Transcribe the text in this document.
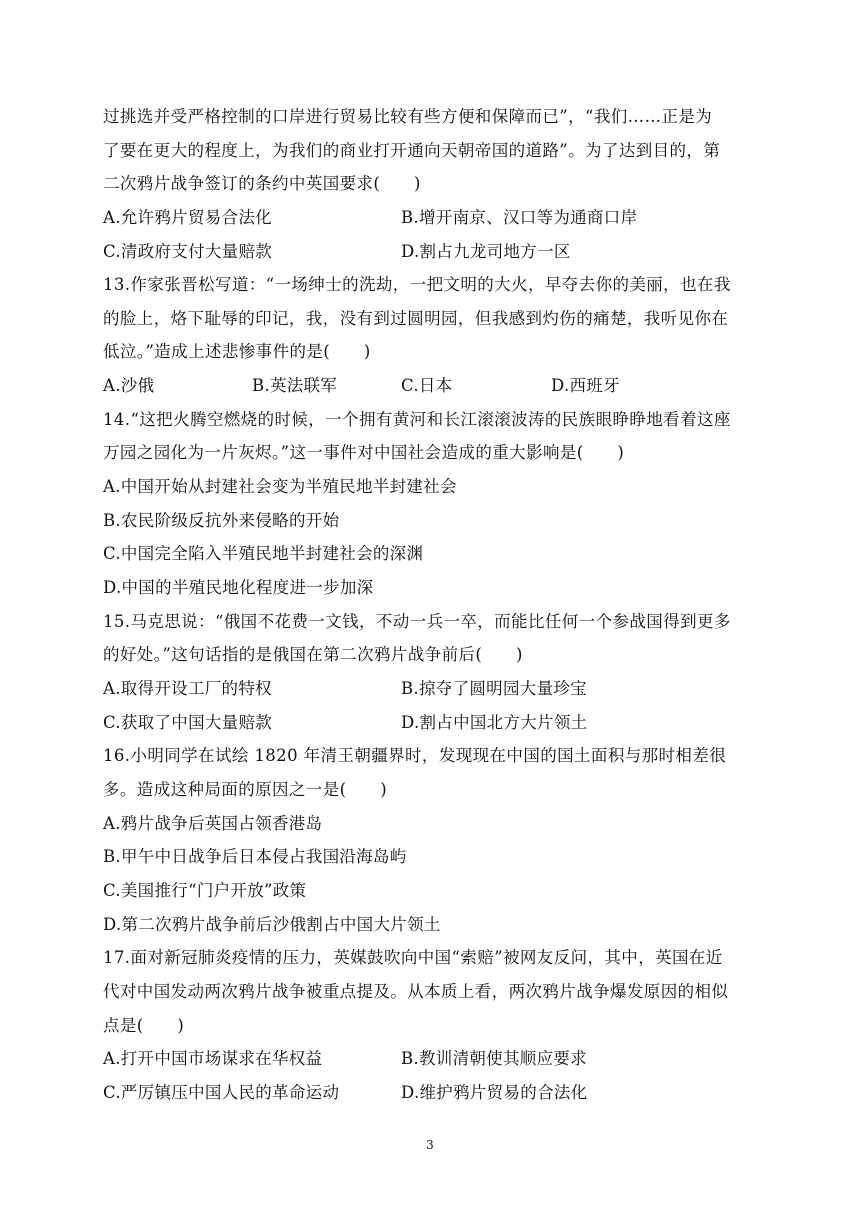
过挑选并受严格控制的口岸进行贸易比较有些方便和保障而已”，“我们……正是为
了要在更大的程度上，为我们的商业打开通向天朝帝国的道路”。为了达到目的，第
二次鸦片战争签订的条约中英国要求(　　)
A.允许鸦片贸易合法化	B.增开南京、汉口等为通商口岸
C.清政府支付大量赔款	D.割占九龙司地方一区
13.作家张晋松写道：“一场绅士的洗劫，一把文明的大火，早夺去你的美丽，也在我
的脸上，烙下耻辱的印记，我，没有到过圆明园，但我感到灼伤的痛楚，我听见你在
低泣。”造成上述悲惨事件的是(　　)
A.沙俄	B.英法联军	C.日本	D.西班牙
14.“这把火腾空燃烧的时候，一个拥有黄河和长江滚滚波涛的民族眼睁睁地看着这座
万园之园化为一片灰烬。”这一事件对中国社会造成的重大影响是(　　)
A.中国开始从封建社会变为半殖民地半封建社会
B.农民阶级反抗外来侵略的开始
C.中国完全陷入半殖民地半封建社会的深渊
D.中国的半殖民地化程度进一步加深
15.马克思说：“俄国不花费一文钱，不动一兵一卒，而能比任何一个参战国得到更多
的好处。”这句话指的是俄国在第二次鸦片战争前后(　　)
A.取得开设工厂的特权	B.掠夺了圆明园大量珍宝
C.获取了中国大量赔款	D.割占中国北方大片领土
16.小明同学在试绘 1820 年清王朝疆界时，发现现在中国的国土面积与那时相差很
多。造成这种局面的原因之一是(　　)
A.鸦片战争后英国占领香港岛
B.甲午中日战争后日本侵占我国沿海岛屿
C.美国推行“门户开放”政策
D.第二次鸦片战争前后沙俄割占中国大片领土
17.面对新冠肺炎疫情的压力，英媒鼓吹向中国“索赔”被网友反问，其中，英国在近
代对中国发动两次鸦片战争被重点提及。从本质上看，两次鸦片战争爆发原因的相似
点是(　　)
A.打开中国市场谋求在华权益	B.教训清朝使其顺应要求
C.严厉镇压中国人民的革命运动	D.维护鸦片贸易的合法化
3
